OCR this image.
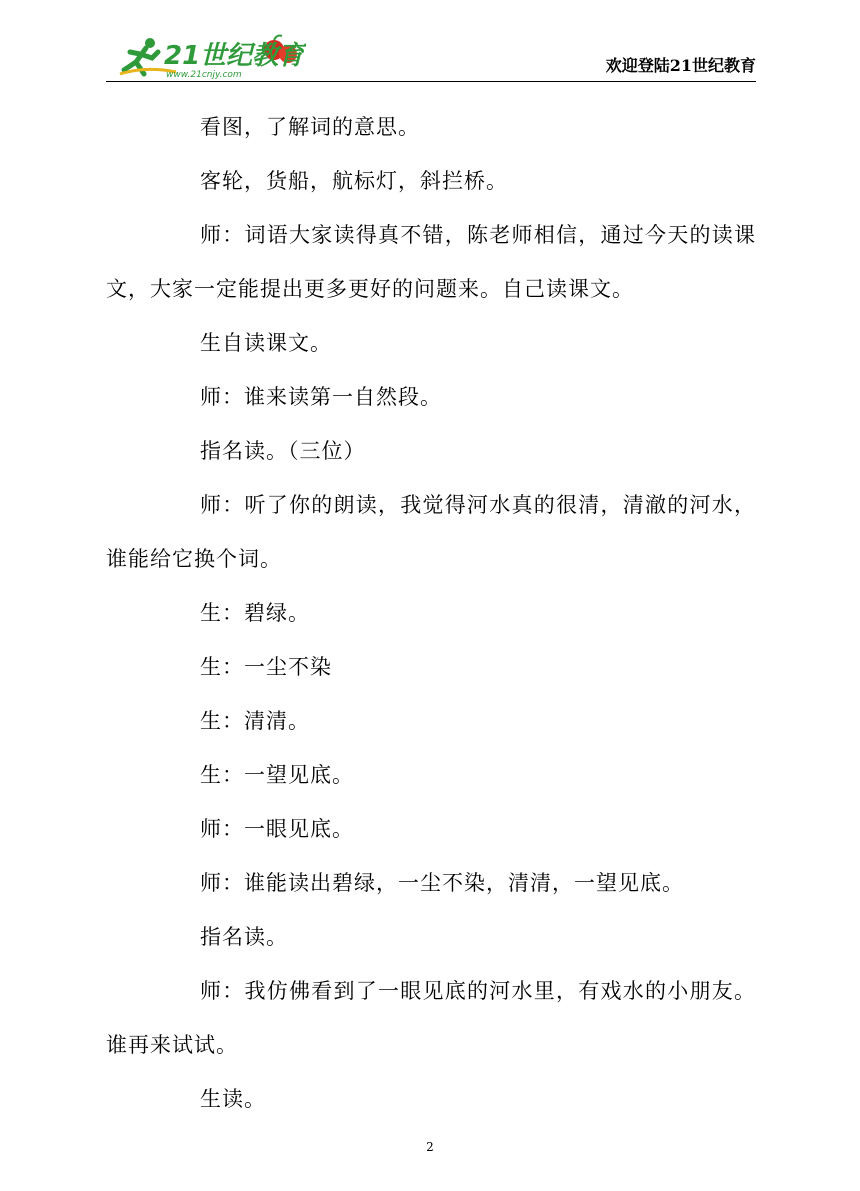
21世纪教育
www.21cnjy.com	欢迎登陆21世纪教育

看图，了解词的意思。

客轮，货船，航标灯，斜拦桥。

师：词语大家读得真不错，陈老师相信，通过今天的读课文，大家一定能提出更多更好的问题来。自己读课文。

生自读课文。

师：谁来读第一自然段。

指名读。（三位）

师：听了你的朗读，我觉得河水真的很清，清澈的河水，谁能给它换个词。

生：碧绿。

生：一尘不染

生：清清。

生：一望见底。

师：一眼见底。

师：谁能读出碧绿，一尘不染，清清，一望见底。

指名读。

师：我仿佛看到了一眼见底的河水里，有戏水的小朋友。谁再来试试。

生读。

2
